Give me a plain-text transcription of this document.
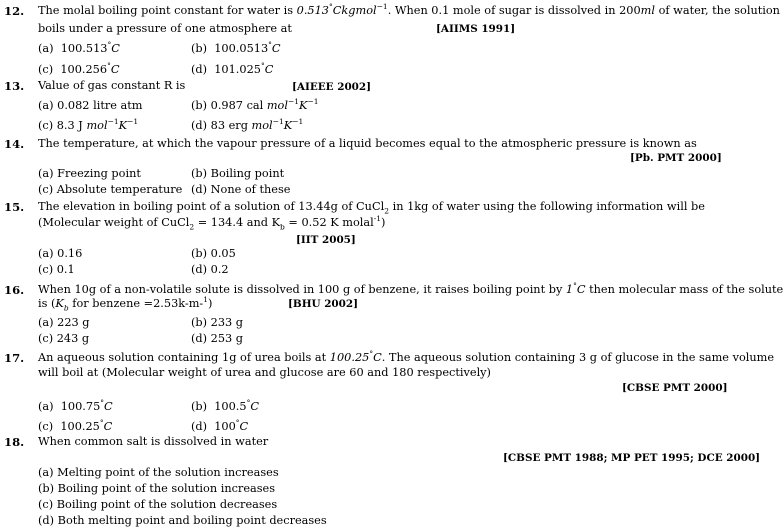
12. The molal boiling point constant for water is 0.513°Ckgmol$^{-1}$. When 0.1 mole of sugar is dissolved in 200ml of water, the solution
boils under a pressure of one atmosphere at	[AIIMS 1991]
(a) 100.513°C	(b) 100.0513°C
(c) 100.256°C	(d) 101.025°C
13. Value of gas constant R is	[AIEEE 2002]
(a) 0.082 litre atm	(b) 0.987 cal $mol^{-1}K^{-1}$
(c) 8.3 J $mol^{-1}K^{-1}$	(d) 83 erg $mol^{-1}K^{-1}$
14. The temperature, at which the vapour pressure of a liquid becomes equal to the atmospheric pressure is known as
[Pb. PMT 2000]
(a) Freezing point	(b) Boiling point
(c) Absolute temperature (d) None of these
15. The elevation in boiling point of a solution of 13.44g of CuCl$_2$ in 1kg of water using the following information will be
(Molecular weight of CuCl$_2$ = 134.4 and $K_b = 0.52$ K molal$^{-1}$)
[IIT 2005]
(a) 0.16	(b) 0.05
(c) 0.1	(d) 0.2
16. When 10g of a non-volatile solute is dissolved in 100 g of benzene, it raises boiling point by 1°C then molecular mass of the solute
is ($K_b$ for benzene =2.53k-m-$^1$)	[BHU 2002]
(a) 223 g	(b) 233 g
(c) 243 g	(d) 253 g
17. An aqueous solution containing 1g of urea boils at 100.25°C. The aqueous solution containing 3 g of glucose in the same volume
will boil at (Molecular weight of urea and glucose are 60 and 180 respectively)
[CBSE PMT 2000]
(a) 100.75°C	(b) 100.5°C
(c) 100.25°C	(d) 100°C
18. When common salt is dissolved in water
[CBSE PMT 1988; MP PET 1995; DCE 2000]
(a) Melting point of the solution increases
(b) Boiling point of the solution increases
(c) Boiling point of the solution decreases
(d) Both melting point and boiling point decreases
